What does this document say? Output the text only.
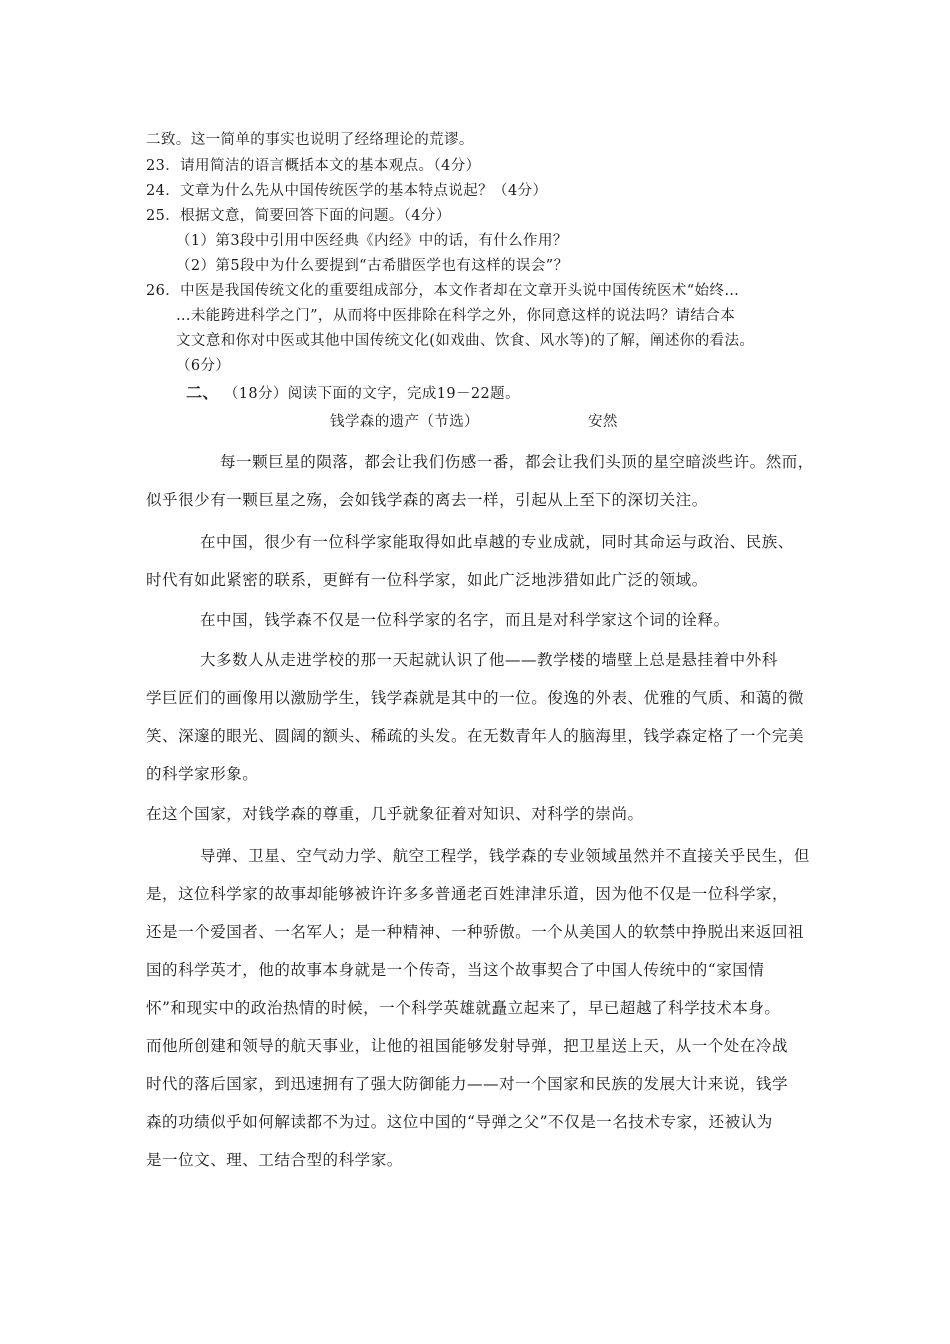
二致。这一简单的事实也说明了经络理论的荒谬。
23．请用简洁的语言概括本文的基本观点。（4分）
24．文章为什么先从中国传统医学的基本特点说起？（4分）
25．根据文意，简要回答下面的问题。（4分）
（1）第3段中引用中医经典《内经》中的话，有什么作用？
（2）第5段中为什么要提到“古希腊医学也有这样的误会”？
26．中医是我国传统文化的重要组成部分，本文作者却在文章开头说中国传统医术“始终…
…未能跨进科学之门”，从而将中医排除在科学之外，你同意这样的说法吗？请结合本
文文意和你对中医或其他中国传统文化(如戏曲、饮食、风水等)的了解，阐述你的看法。
（6分）
二、 （18分）阅读下面的文字，完成19－22题。
钱学森的遗产（节选）	安然
每一颗巨星的陨落，都会让我们伤感一番，都会让我们头顶的星空暗淡些许。然而，
似乎很少有一颗巨星之殇，会如钱学森的离去一样，引起从上至下的深切关注。
在中国，很少有一位科学家能取得如此卓越的专业成就，同时其命运与政治、民族、
时代有如此紧密的联系，更鲜有一位科学家，如此广泛地涉猎如此广泛的领域。
在中国，钱学森不仅是一位科学家的名字，而且是对科学家这个词的诠释。
大多数人从走进学校的那一天起就认识了他——教学楼的墙壁上总是悬挂着中外科
学巨匠们的画像用以激励学生，钱学森就是其中的一位。俊逸的外表、优雅的气质、和蔼的微
笑、深邃的眼光、圆阔的额头、稀疏的头发。在无数青年人的脑海里，钱学森定格了一个完美
的科学家形象。
在这个国家，对钱学森的尊重，几乎就象征着对知识、对科学的崇尚。
导弹、卫星、空气动力学、航空工程学，钱学森的专业领域虽然并不直接关乎民生，但
是，这位科学家的故事却能够被许许多多普通老百姓津津乐道，因为他不仅是一位科学家，
还是一个爱国者、一名军人；是一种精神、一种骄傲。一个从美国人的软禁中挣脱出来返回祖
国的科学英才，他的故事本身就是一个传奇，当这个故事契合了中国人传统中的“家国情
怀”和现实中的政治热情的时候，一个科学英雄就矗立起来了，早已超越了科学技术本身。
而他所创建和领导的航天事业，让他的祖国能够发射导弹，把卫星送上天，从一个处在冷战
时代的落后国家，到迅速拥有了强大防御能力——对一个国家和民族的发展大计来说，钱学
森的功绩似乎如何解读都不为过。这位中国的“导弹之父”不仅是一名技术专家，还被认为
是一位文、理、工结合型的科学家。
